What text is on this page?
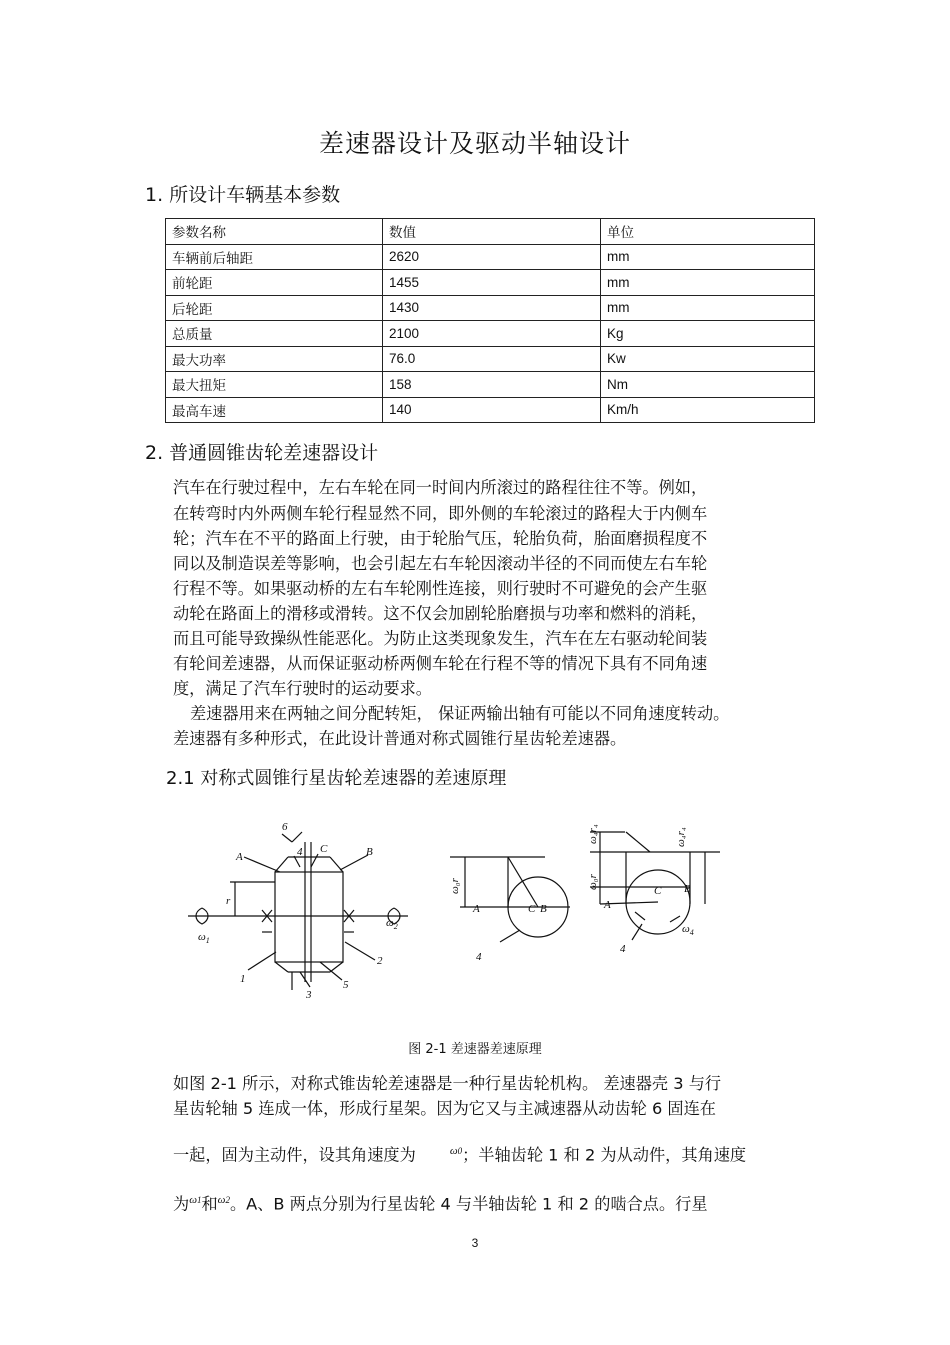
差速器设计及驱动半轴设计
1. 所设计车辆基本参数
参数名称	数值	单位
车辆前后轴距	2620	mm
前轮距	1455	mm
后轮距	1430	mm
总质量	2100	Kg
最大功率	76.0	Kw
最大扭矩	158	Nm
最高车速	140	Km/h
2. 普通圆锥齿轮差速器设计
汽车在行驶过程中，左右车轮在同一时间内所滚过的路程往往不等。例如，
在转弯时内外两侧车轮行程显然不同，即外侧的车轮滚过的路程大于内侧车
轮；汽车在不平的路面上行驶，由于轮胎气压，轮胎负荷，胎面磨损程度不
同以及制造误差等影响，也会引起左右车轮因滚动半径的不同而使左右车轮
行程不等。如果驱动桥的左右车轮刚性连接，则行驶时不可避免的会产生驱
动轮在路面上的滑移或滑转。这不仅会加剧轮胎磨损与功率和燃料的消耗，
而且可能导致操纵性能恶化。为防止这类现象发生，汽车在左右驱动轮间装
有轮间差速器，从而保证驱动桥两侧车轮在行程不等的情况下具有不同角速
度，满足了汽车行驶时的运动要求。
差速器用来在两轴之间分配转矩， 保证两输出轴有可能以不同角速度转动。
差速器有多种形式，在此设计普通对称式圆锥行星齿轮差速器。
2.1 对称式圆锥行星齿轮差速器的差速原理
A	B
C
1
2
3
4
5
6
r
$\omega_1$
$\omega_2$
ω₀r
A	C B
4
ω₄r₄	ω₄r₄
ω₀r
A
C B
4
$\omega_4$
图 2-1 差速器差速原理
如图 2-1 所示，对称式锥齿轮差速器是一种行星齿轮机构。 差速器壳 3 与行
星齿轮轴 5 连成一体，形成行星架。因为它又与主减速器从动齿轮 6 固连在
一起，固为主动件，设其角速度为	$^{\omega 0}$；半轴齿轮 1 和 2 为从动件，其角速度
为$^{\omega 1}$和$^{\omega 2}$。A、B 两点分别为行星齿轮 4 与半轴齿轮 1 和 2 的啮合点。行星
3
